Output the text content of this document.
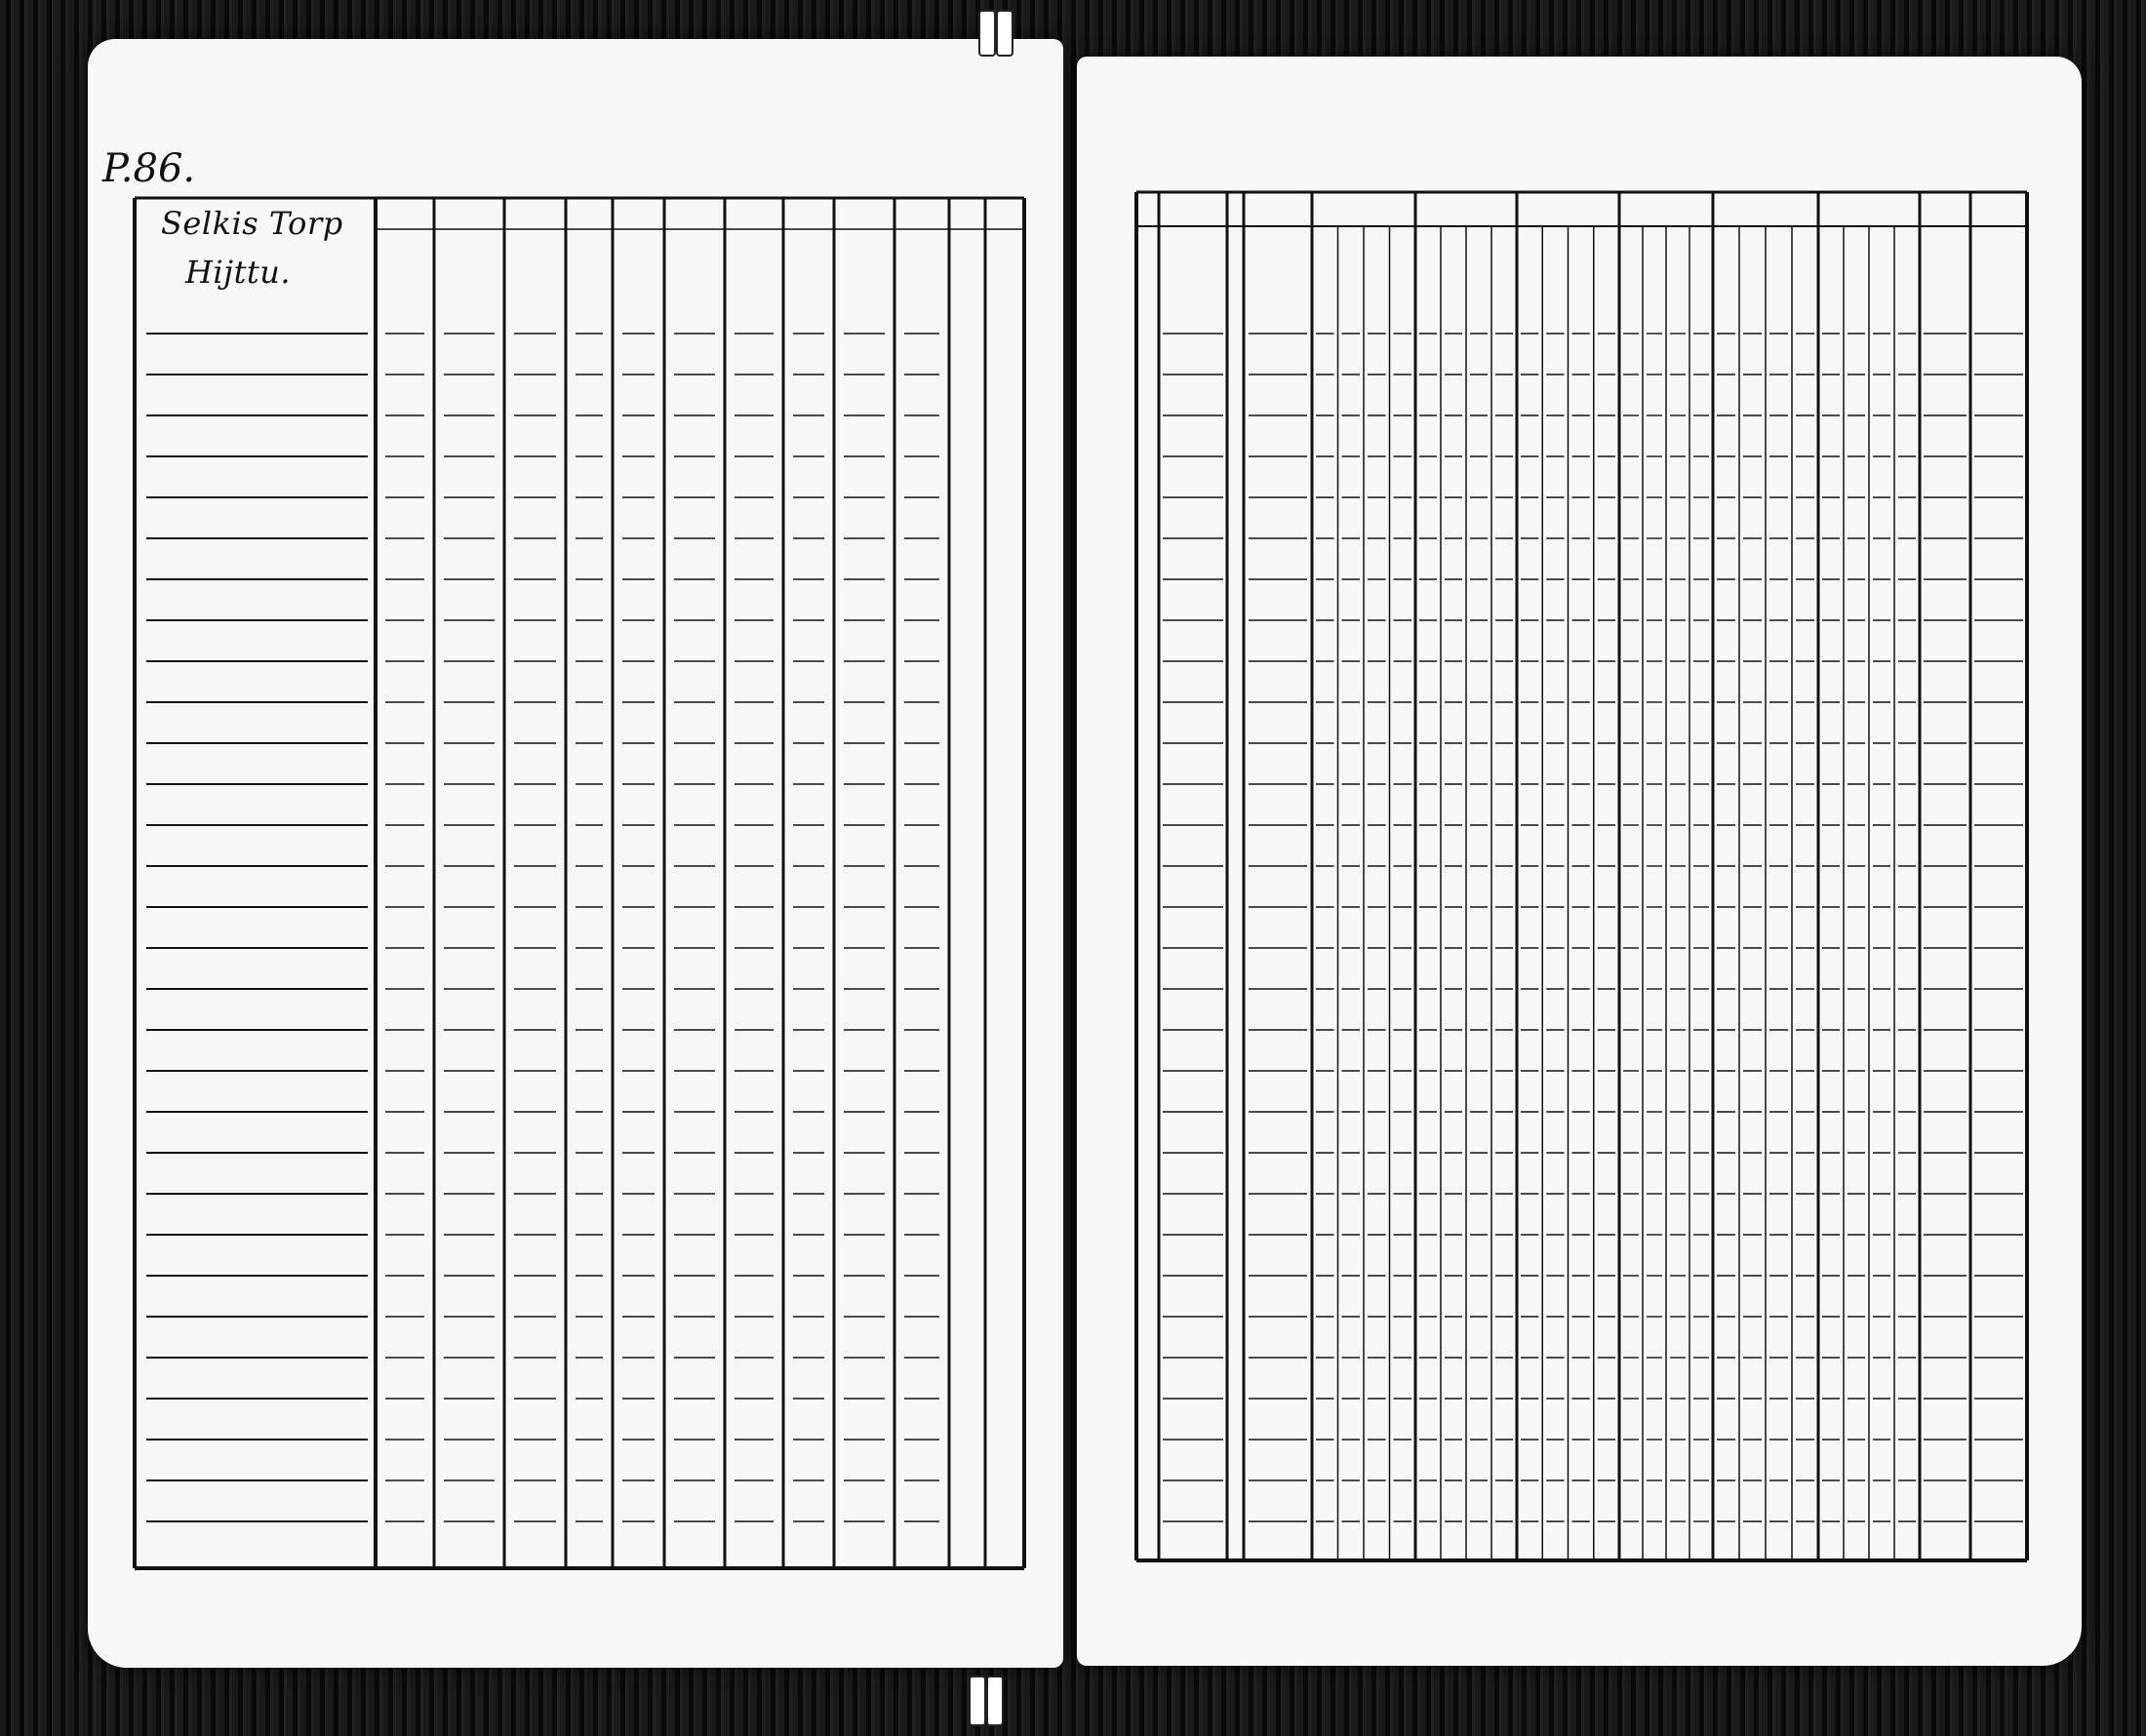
P.86.
Selkis Torp
Hijttu.
